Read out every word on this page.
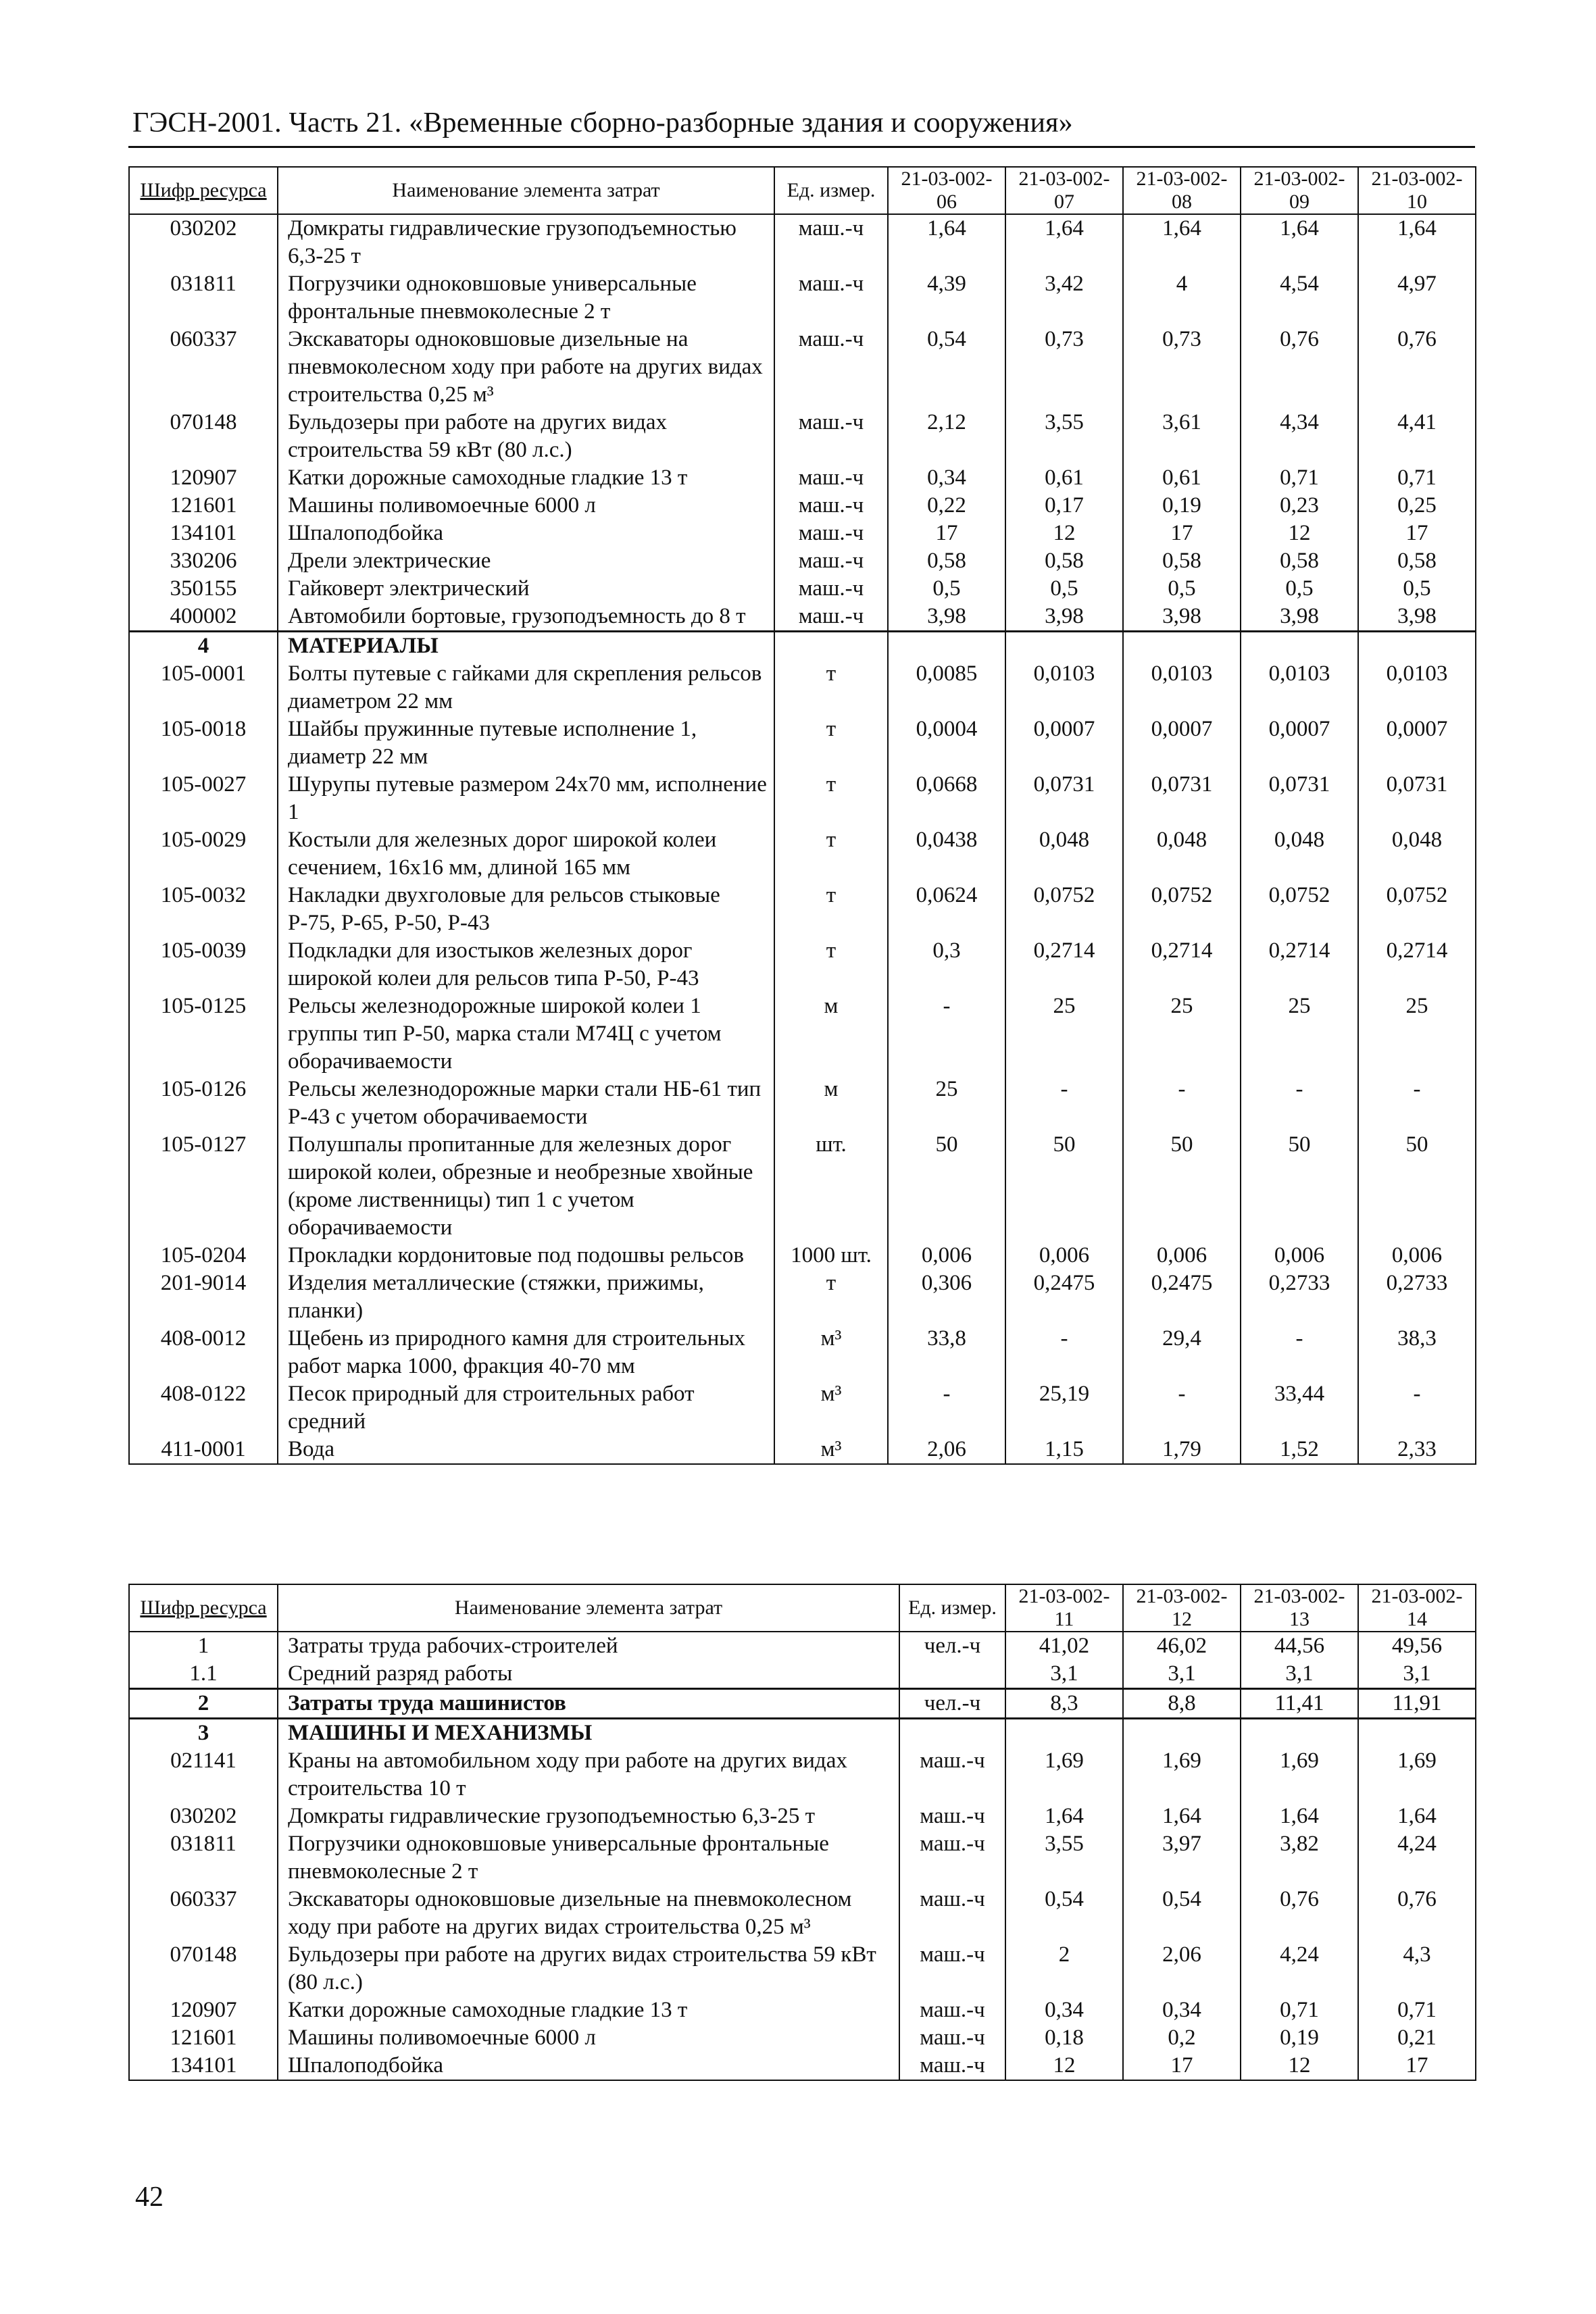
ГЭСН-2001. Часть 21. «Временные сборно-разборные здания и сооружения»
Шифр ресурса	Наименование элемента затрат	Ед. измер.	21-03-002-06	21-03-002-07	21-03-002-08	21-03-002-09	21-03-002-10
030202	Домкраты гидравлические грузоподъемностью 6,3-25 т	маш.-ч	1,64	1,64	1,64	1,64	1,64
031811	Погрузчики одноковшовые универсальные фронтальные пневмоколесные 2 т	маш.-ч	4,39	3,42	4	4,54	4,97
060337	Экскаваторы одноковшовые дизельные на пневмоколесном ходу при работе на других видах строительства 0,25 м³	маш.-ч	0,54	0,73	0,73	0,76	0,76
070148	Бульдозеры при работе на других видах строительства 59 кВт (80 л.с.)	маш.-ч	2,12	3,55	3,61	4,34	4,41
120907	Катки дорожные самоходные гладкие 13 т	маш.-ч	0,34	0,61	0,61	0,71	0,71
121601	Машины поливомоечные 6000 л	маш.-ч	0,22	0,17	0,19	0,23	0,25
134101	Шпалоподбойка	маш.-ч	17	12	17	12	17
330206	Дрели электрические	маш.-ч	0,58	0,58	0,58	0,58	0,58
350155	Гайковерт электрический	маш.-ч	0,5	0,5	0,5	0,5	0,5
400002	Автомобили бортовые, грузоподъемность до 8 т	маш.-ч	3,98	3,98	3,98	3,98	3,98
4	МАТЕРИАЛЫ						
105-0001	Болты путевые с гайками для скрепления рельсов диаметром 22 мм	т	0,0085	0,0103	0,0103	0,0103	0,0103
105-0018	Шайбы пружинные путевые исполнение 1, диаметр 22 мм	т	0,0004	0,0007	0,0007	0,0007	0,0007
105-0027	Шурупы путевые размером 24x70 мм, исполнение 1	т	0,0668	0,0731	0,0731	0,0731	0,0731
105-0029	Костыли для железных дорог широкой колеи сечением, 16x16 мм, длиной 165 мм	т	0,0438	0,048	0,048	0,048	0,048
105-0032	Накладки двухголовые для рельсов стыковые Р-75, Р-65, Р-50, Р-43	т	0,0624	0,0752	0,0752	0,0752	0,0752
105-0039	Подкладки для изостыков железных дорог широкой колеи для рельсов типа Р-50, Р-43	т	0,3	0,2714	0,2714	0,2714	0,2714
105-0125	Рельсы железнодорожные широкой колеи 1 группы тип Р-50, марка стали М74Ц с учетом оборачиваемости	м	-	25	25	25	25
105-0126	Рельсы железнодорожные марки стали НБ-61 тип Р-43 с учетом оборачиваемости	м	25	-	-	-	-
105-0127	Полушпалы пропитанные для железных дорог широкой колеи, обрезные и необрезные хвойные (кроме лиственницы) тип 1 с учетом оборачиваемости	шт.	50	50	50	50	50
105-0204	Прокладки кордонитовые под подошвы рельсов	1000 шт.	0,006	0,006	0,006	0,006	0,006
201-9014	Изделия металлические (стяжки, прижимы, планки)	т	0,306	0,2475	0,2475	0,2733	0,2733
408-0012	Щебень из природного камня для строительных работ марка 1000, фракция 40-70 мм	м³	33,8	-	29,4	-	38,3
408-0122	Песок природный для строительных работ средний	м³	-	25,19	-	33,44	-
411-0001	Вода	м³	2,06	1,15	1,79	1,52	2,33
Шифр ресурса	Наименование элемента затрат	Ед. измер.	21-03-002-11	21-03-002-12	21-03-002-13	21-03-002-14
1	Затраты труда рабочих-строителей	чел.-ч	41,02	46,02	44,56	49,56
1.1	Средний разряд работы		3,1	3,1	3,1	3,1
2	Затраты труда машинистов	чел.-ч	8,3	8,8	11,41	11,91
3	МАШИНЫ И МЕХАНИЗМЫ					
021141	Краны на автомобильном ходу при работе на других видах строительства 10 т	маш.-ч	1,69	1,69	1,69	1,69
030202	Домкраты гидравлические грузоподъемностью 6,3-25 т	маш.-ч	1,64	1,64	1,64	1,64
031811	Погрузчики одноковшовые универсальные фронтальные пневмоколесные 2 т	маш.-ч	3,55	3,97	3,82	4,24
060337	Экскаваторы одноковшовые дизельные на пневмоколесном ходу при работе на других видах строительства 0,25 м³	маш.-ч	0,54	0,54	0,76	0,76
070148	Бульдозеры при работе на других видах строительства 59 кВт (80 л.с.)	маш.-ч	2	2,06	4,24	4,3
120907	Катки дорожные самоходные гладкие 13 т	маш.-ч	0,34	0,34	0,71	0,71
121601	Машины поливомоечные 6000 л	маш.-ч	0,18	0,2	0,19	0,21
134101	Шпалоподбойка	маш.-ч	12	17	12	17
42
